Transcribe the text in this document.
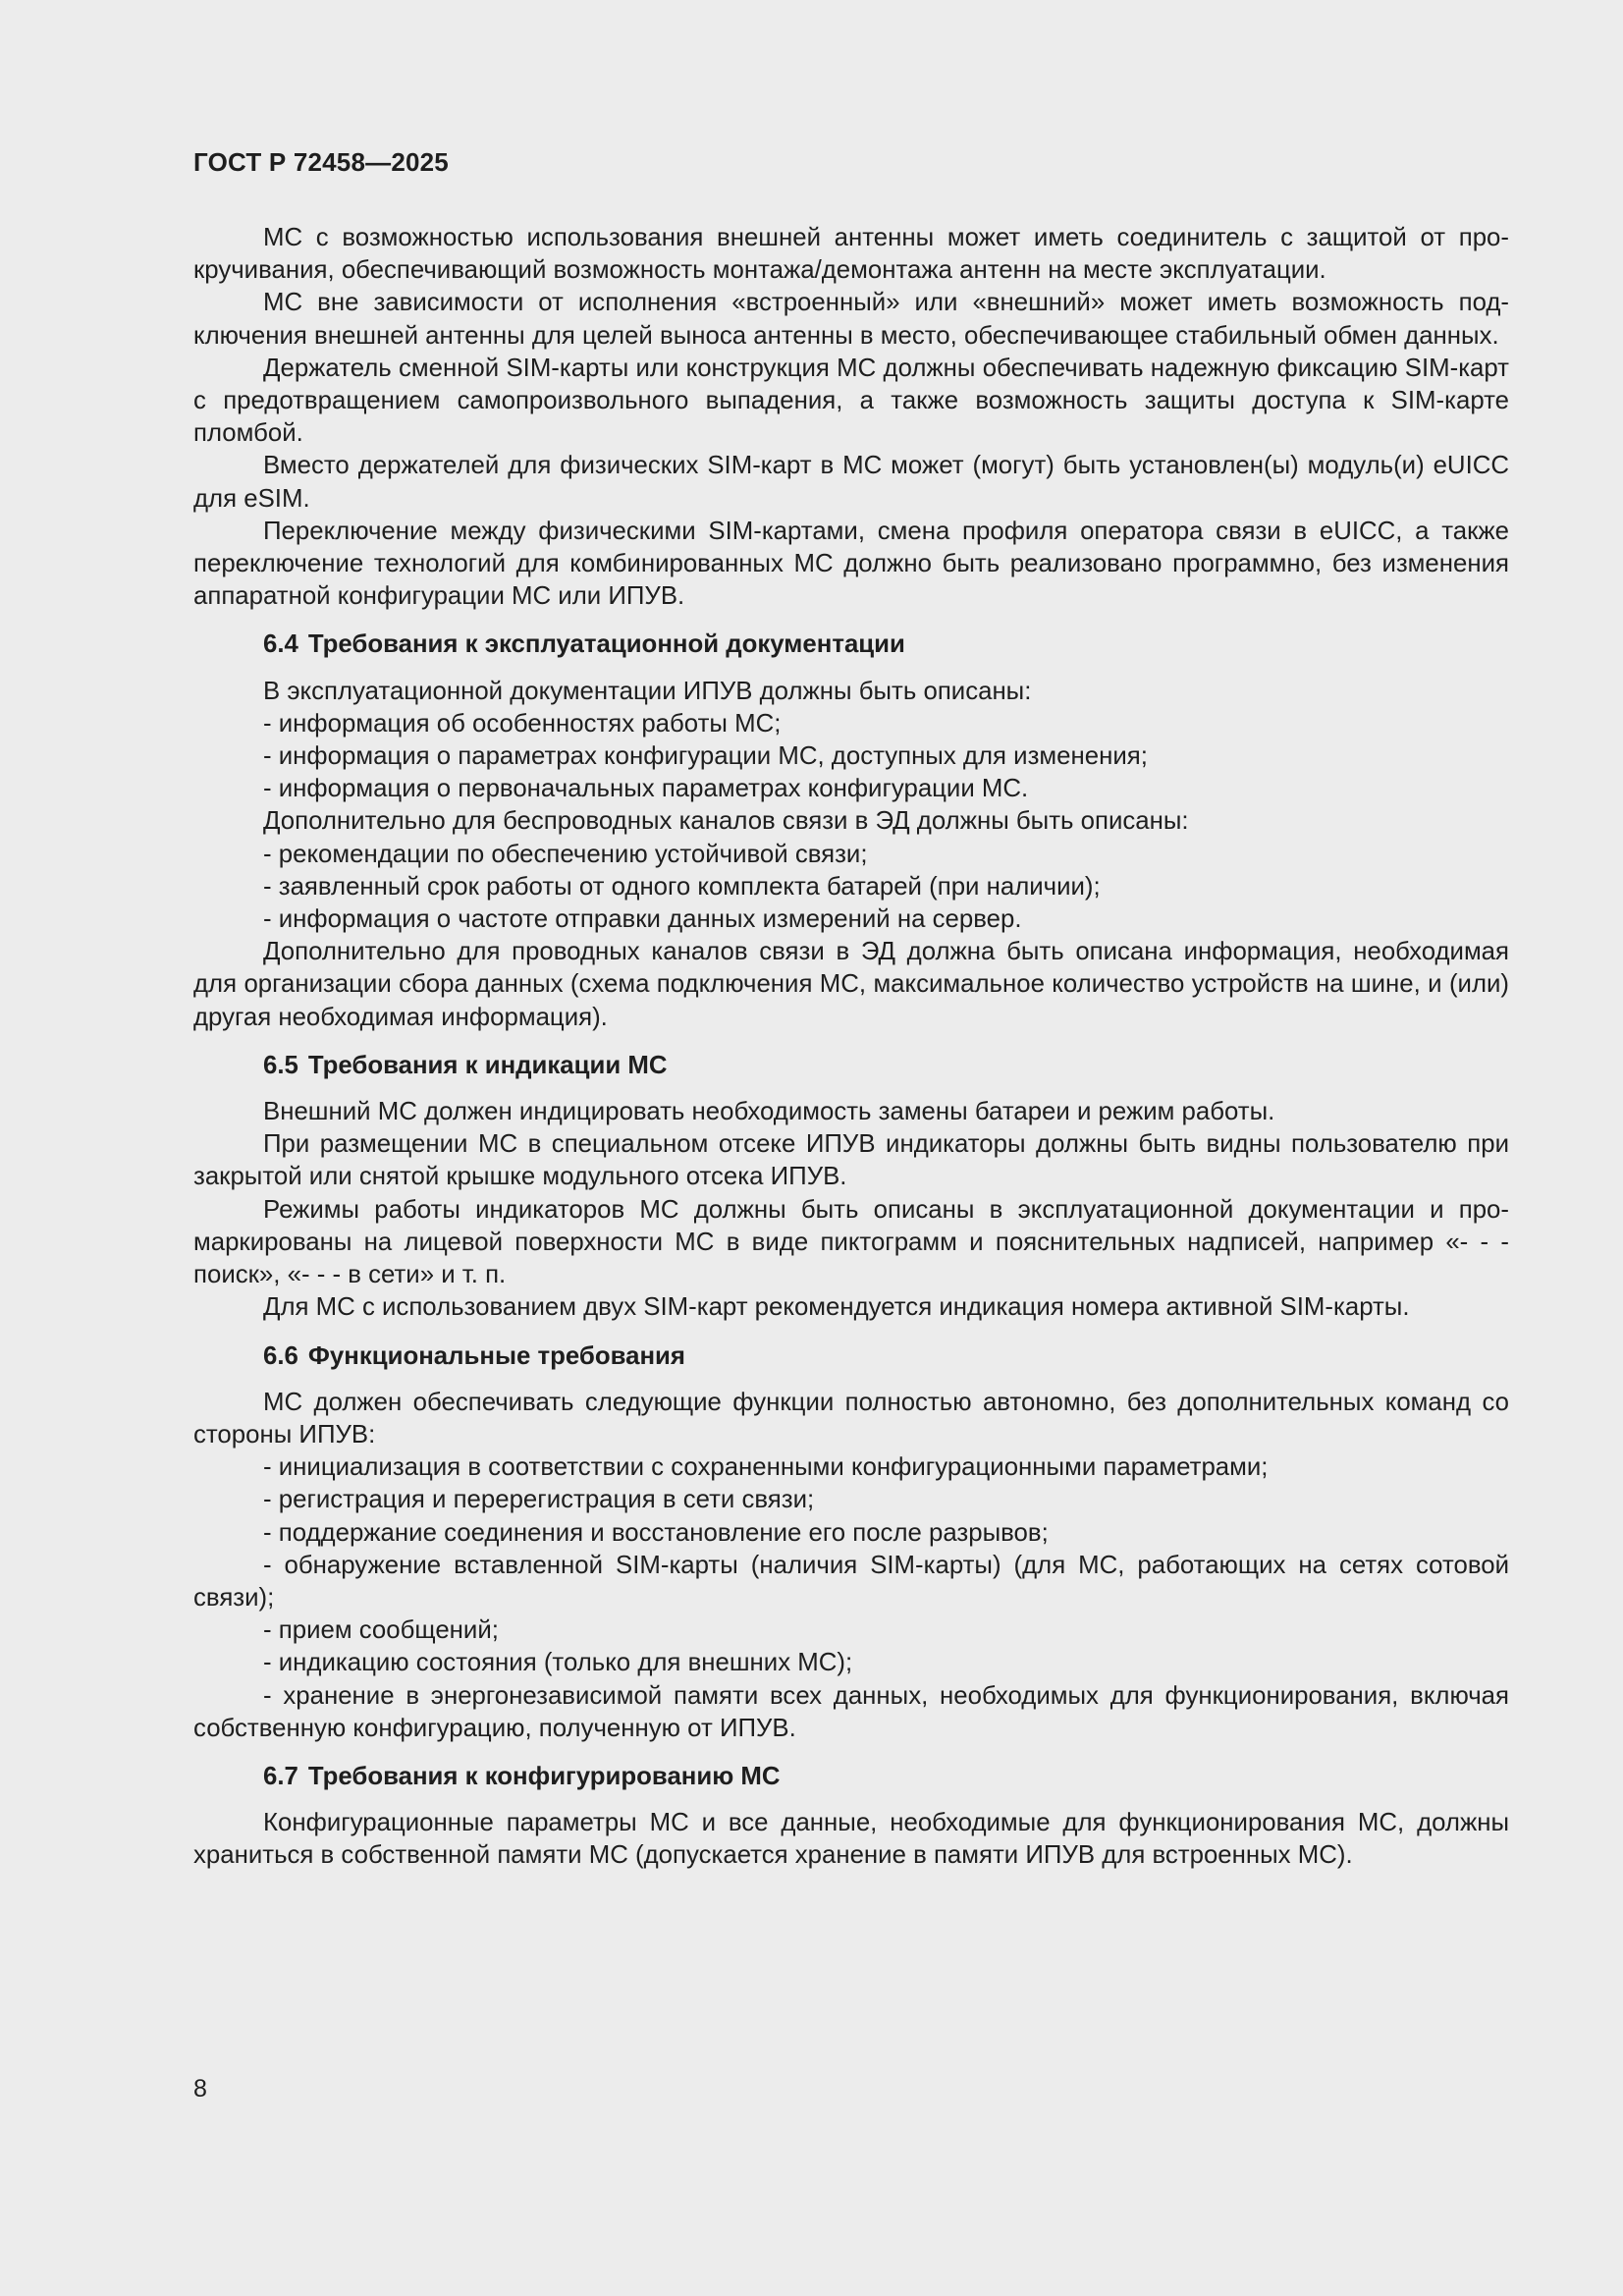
ГОСТ Р 72458—2025

МС с возможностью использования внешней антенны может иметь соединитель с защитой от прокручивания, обеспечивающий возможность монтажа/демонтажа антенн на месте эксплуатации.

МС вне зависимости от исполнения «встроенный» или «внешний» может иметь возможность подключения внешней антенны для целей выноса антенны в место, обеспечивающее стабильный обмен данных.

Держатель сменной SIM-карты или конструкция МС должны обеспечивать надежную фиксацию SIM-карт с предотвращением самопроизвольного выпадения, а также возможность защиты доступа к SIM-карте пломбой.

Вместо держателей для физических SIM-карт в МС может (могут) быть установлен(ы) модуль(и) eUICC для eSIM.

Переключение между физическими SIM-картами, смена профиля оператора связи в eUICC, а также переключение технологий для комбинированных МС должно быть реализовано программно, без изменения аппаратной конфигурации МС или ИПУВ.

6.4 Требования к эксплуатационной документации

В эксплуатационной документации ИПУВ должны быть описаны:

- информация об особенностях работы МС;

- информация о параметрах конфигурации МС, доступных для изменения;

- информация о первоначальных параметрах конфигурации МС.

Дополнительно для беспроводных каналов связи в ЭД должны быть описаны:

- рекомендации по обеспечению устойчивой связи;

- заявленный срок работы от одного комплекта батарей (при наличии);

- информация о частоте отправки данных измерений на сервер.

Дополнительно для проводных каналов связи в ЭД должна быть описана информация, необходимая для организации сбора данных (схема подключения МС, максимальное количество устройств на шине, и (или) другая необходимая информация).

6.5 Требования к индикации МС

Внешний МС должен индицировать необходимость замены батареи и режим работы.

При размещении МС в специальном отсеке ИПУВ индикаторы должны быть видны пользователю при закрытой или снятой крышке модульного отсека ИПУВ.

Режимы работы индикаторов МС должны быть описаны в эксплуатационной документации и промаркированы на лицевой поверхности МС в виде пиктограмм и пояснительных надписей, например «- - - поиск», «- - - в сети» и т. п.

Для МС с использованием двух SIM-карт рекомендуется индикация номера активной SIM-карты.

6.6 Функциональные требования

МС должен обеспечивать следующие функции полностью автономно, без дополнительных команд со стороны ИПУВ:

- инициализация в соответствии с сохраненными конфигурационными параметрами;

- регистрация и перерегистрация в сети связи;

- поддержание соединения и восстановление его после разрывов;

- обнаружение вставленной SIM-карты (наличия SIM-карты) (для МС, работающих на сетях сотовой связи);

- прием сообщений;

- индикацию состояния (только для внешних МС);

- хранение в энергонезависимой памяти всех данных, необходимых для функционирования, включая собственную конфигурацию, полученную от ИПУВ.

6.7 Требования к конфигурированию МС

Конфигурационные параметры МС и все данные, необходимые для функционирования МС, должны храниться в собственной памяти МС (допускается хранение в памяти ИПУВ для встроенных МС).

8
